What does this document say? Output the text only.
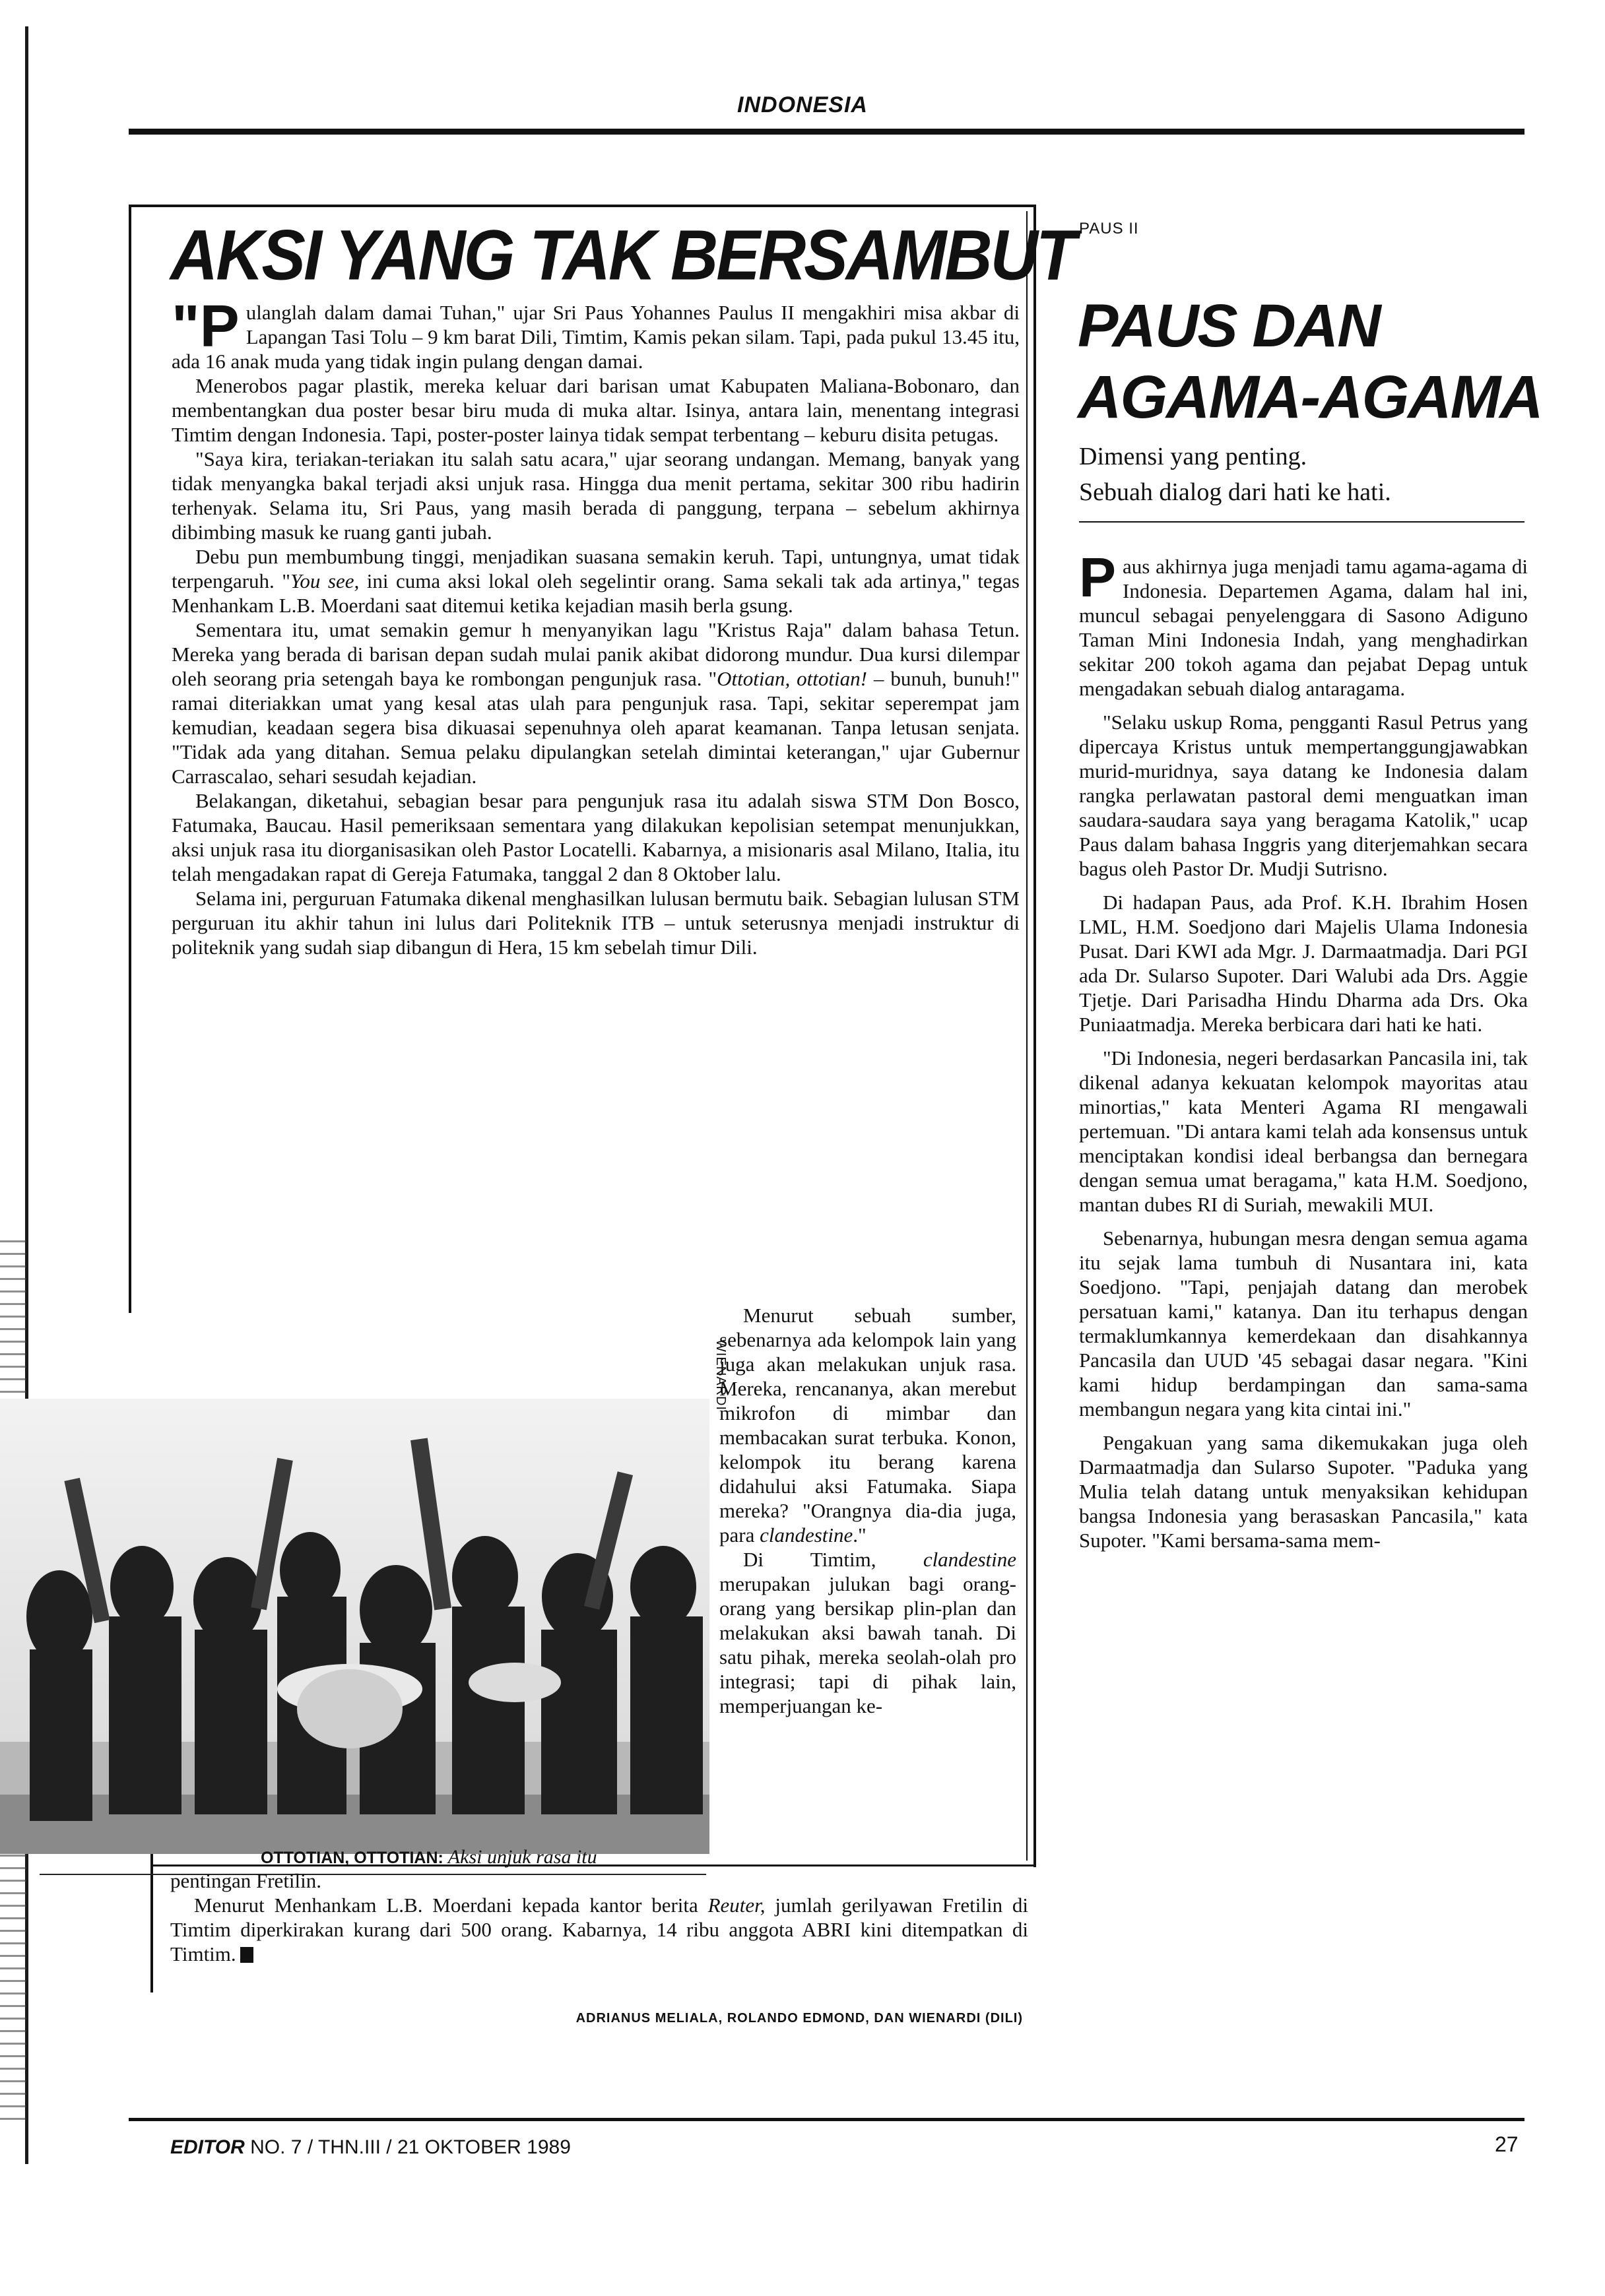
INDONESIA
AKSI YANG TAK BERSAMBUT

"P ulanglah dalam damai Tuhan," ujar Sri Paus Yohannes Paulus II mengakhiri misa akbar di Lapangan Tasi Tolu – 9 km barat Dili, Timtim, Kamis pekan silam. Tapi, pada pukul 13.45 itu, ada 16 anak muda yang tidak ingin pulang dengan damai.

Menerobos pagar plastik, mereka keluar dari barisan umat Kabupaten Maliana-Bobonaro, dan membentangkan dua poster besar biru muda di muka altar. Isinya, antara lain, menentang integrasi Timtim dengan Indonesia. Tapi, poster-poster lainya tidak sempat terbentang – keburu disita petugas.

"Saya kira, teriakan-teriakan itu salah satu acara," ujar seorang undangan. Memang, banyak yang tidak menyangka bakal terjadi aksi unjuk rasa. Hingga dua menit pertama, sekitar 300 ribu hadirin terhenyak. Selama itu, Sri Paus, yang masih berada di panggung, terpana – sebelum akhirnya dibimbing masuk ke ruang ganti jubah.

Debu pun membumbung tinggi, menjadikan suasana semakin keruh. Tapi, untungnya, umat tidak terpengaruh. "You see, ini cuma aksi lokal oleh segelintir orang. Sama sekali tak ada artinya," tegas Menhankam L.B. Moerdani saat ditemui ketika kejadian masih berla gsung.

Sementara itu, umat semakin gemur h menyanyikan lagu "Kristus Raja" dalam bahasa Tetun. Mereka yang berada di barisan depan sudah mulai panik akibat didorong mundur. Dua kursi dilempar oleh seorang pria setengah baya ke rombongan pengunjuk rasa. "Ottotian, ottotian! – bunuh, bunuh!" ramai diteriakkan umat yang kesal atas ulah para pengunjuk rasa. Tapi, sekitar seperempat jam kemudian, keadaan segera bisa dikuasai sepenuhnya oleh aparat keamanan. Tanpa letusan senjata. "Tidak ada yang ditahan. Semua pelaku dipulangkan setelah dimintai keterangan," ujar Gubernur Carrascalao, sehari sesudah kejadian.

Belakangan, diketahui, sebagian besar para pengunjuk rasa itu adalah siswa STM Don Bosco, Fatumaka, Baucau. Hasil pemeriksaan sementara yang dilakukan kepolisian setempat menunjukkan, aksi unjuk rasa itu diorganisasikan oleh Pastor Locatelli. Kabarnya, a misionaris asal Milano, Italia, itu telah mengadakan rapat di Gereja Fatumaka, tanggal 2 dan 8 Oktober lalu.

Selama ini, perguruan Fatumaka dikenal menghasilkan lulusan bermutu baik. Sebagian lulusan STM perguruan itu akhir tahun ini lulus dari Politeknik ITB – untuk seterusnya menjadi instruktur di politeknik yang sudah siap dibangun di Hera, 15 km sebelah timur Dili.

WIENARDI
OTTOTIAN, OTTOTIAN: Aksi unjuk rasa itu

Menurut sebuah sumber, sebenarnya ada kelompok lain yang juga akan melakukan unjuk rasa. Mereka, rencananya, akan merebut mikrofon di mimbar dan membacakan surat terbuka. Konon, kelompok itu berang karena didahului aksi Fatumaka. Siapa mereka? "Orangnya dia-dia juga, para clandestine."

Di Timtim, clandestine merupakan julukan bagi orang-orang yang bersikap plin-plan dan melakukan aksi bawah tanah. Di satu pihak, mereka seolah-olah pro integrasi; tapi di pihak lain, memperjuangan ke-

pentingan Fretilin.

Menurut Menhankam L.B. Moerdani kepada kantor berita Reuter, jumlah gerilyawan Fretilin di Timtim diperkirakan kurang dari 500 orang. Kabarnya, 14 ribu anggota ABRI kini ditempatkan di Timtim.

ADRIANUS MELIALA, ROLANDO EDMOND, DAN WIENARDI (DILI)
PAUS II
PAUS DAN
AGAMA-AGAMA
Dimensi yang penting.
Sebuah dialog dari hati ke hati.

Paus akhirnya juga menjadi tamu agama-agama di Indonesia. Departemen Agama, dalam hal ini, muncul sebagai penyelenggara di Sasono Adiguno Taman Mini Indonesia Indah, yang menghadirkan sekitar 200 tokoh agama dan pejabat Depag untuk mengadakan sebuah dialog antaragama.

"Selaku uskup Roma, pengganti Rasul Petrus yang dipercaya Kristus untuk mempertanggungjawabkan murid-muridnya, saya datang ke Indonesia dalam rangka perlawatan pastoral demi menguatkan iman saudara-saudara saya yang beragama Katolik," ucap Paus dalam bahasa Inggris yang diterjemahkan secara bagus oleh Pastor Dr. Mudji Sutrisno.

Di hadapan Paus, ada Prof. K.H. Ibrahim Hosen LML, H.M. Soedjono dari Majelis Ulama Indonesia Pusat. Dari KWI ada Mgr. J. Darmaatmadja. Dari PGI ada Dr. Sularso Supoter. Dari Walubi ada Drs. Aggie Tjetje. Dari Parisadha Hindu Dharma ada Drs. Oka Puniaatmadja. Mereka berbicara dari hati ke hati.

"Di Indonesia, negeri berdasarkan Pancasila ini, tak dikenal adanya kekuatan kelompok mayoritas atau minortias," kata Menteri Agama RI mengawali pertemuan. "Di antara kami telah ada konsensus untuk menciptakan kondisi ideal berbangsa dan bernegara dengan semua umat beragama," kata H.M. Soedjono, mantan dubes RI di Suriah, mewakili MUI.

Sebenarnya, hubungan mesra dengan semua agama itu sejak lama tumbuh di Nusantara ini, kata Soedjono. "Tapi, penjajah datang dan merobek persatuan kami," katanya. Dan itu terhapus dengan termaklumkannya kemerdekaan dan disahkannya Pancasila dan UUD '45 sebagai dasar negara. "Kini kami hidup berdampingan dan sama-sama membangun negara yang kita cintai ini."

Pengakuan yang sama dikemukakan juga oleh Darmaatmadja dan Sularso Supoter. "Paduka yang Mulia telah datang untuk menyaksikan kehidupan bangsa Indonesia yang berasaskan Pancasila," kata Supoter. "Kami bersama-sama mem-

EDITOR NO. 7 / THN.III / 21 OKTOBER 1989	27
